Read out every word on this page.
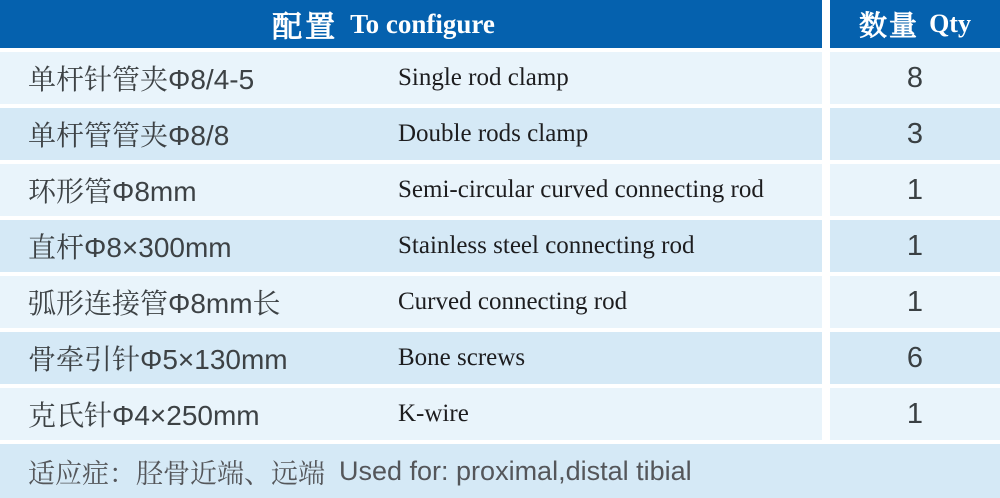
配置 To configure	数量 Qty
单杆针管夹Φ8/4-5	Single rod clamp	8
单杆管管夹Φ8/8	Double rods clamp	3
环形管Φ8mm	Semi-circular curved connecting rod	1
直杆Φ8×300mm	Stainless steel connecting rod	1
弧形连接管Φ8mm长	Curved connecting rod	1
骨牵引针Φ5×130mm	Bone screws	6
克氏针Φ4×250mm	K-wire	1
适应症：胫骨近端、远端 Used for: proximal,distal tibial
